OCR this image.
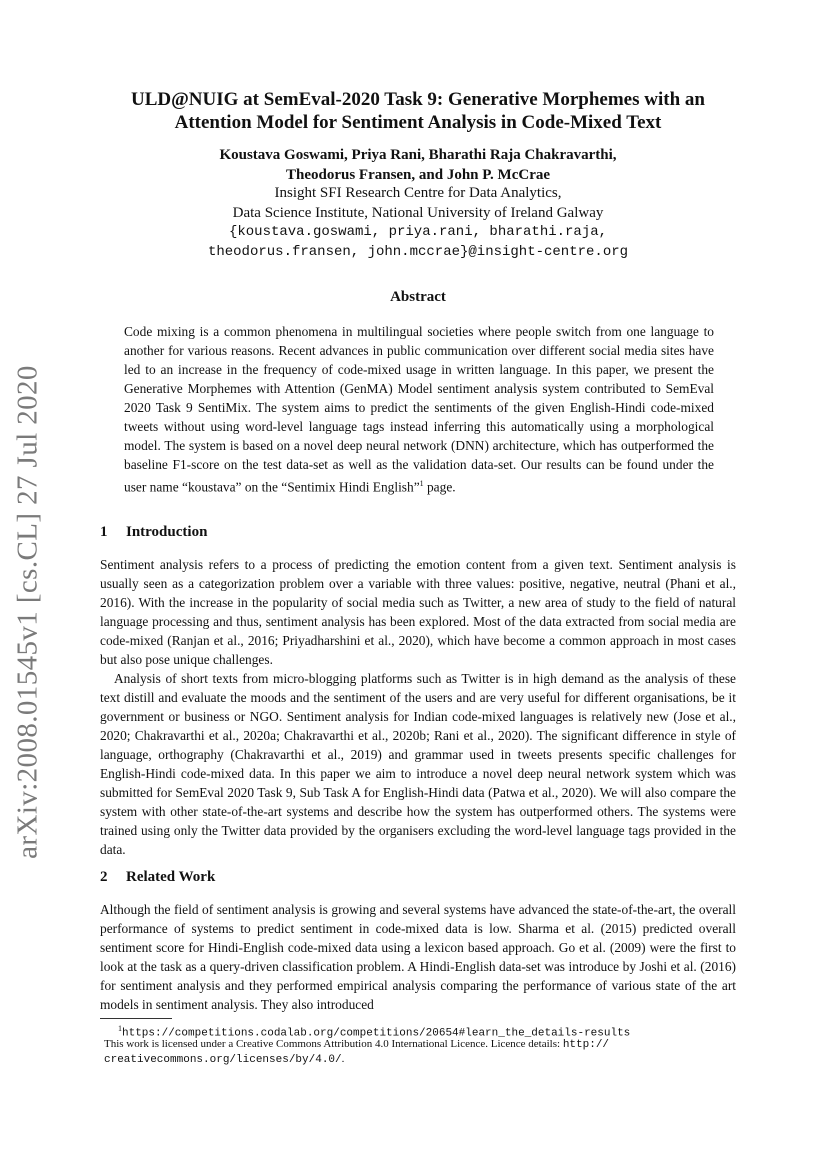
arXiv:2008.01545v1 [cs.CL] 27 Jul 2020
ULD@NUIG at SemEval-2020 Task 9: Generative Morphemes with an
Attention Model for Sentiment Analysis in Code-Mixed Text
Koustava Goswami, Priya Rani, Bharathi Raja Chakravarthi,
Theodorus Fransen, and John P. McCrae
Insight SFI Research Centre for Data Analytics,
Data Science Institute, National University of Ireland Galway
{koustava.goswami, priya.rani, bharathi.raja,
theodorus.fransen, john.mccrae}@insight-centre.org
Abstract
Code mixing is a common phenomena in multilingual societies where people switch from one language to another for various reasons. Recent advances in public communication over different social media sites have led to an increase in the frequency of code-mixed usage in written language. In this paper, we present the Generative Morphemes with Attention (GenMA) Model sentiment analysis system contributed to SemEval 2020 Task 9 SentiMix. The system aims to predict the sentiments of the given English-Hindi code-mixed tweets without using word-level language tags instead inferring this automatically using a morphological model. The system is based on a novel deep neural network (DNN) architecture, which has outperformed the baseline F1-score on the test data-set as well as the validation data-set. Our results can be found under the user name “koustava” on the “Sentimix Hindi English”$^1$ page.
1 Introduction

Sentiment analysis refers to a process of predicting the emotion content from a given text. Sentiment analysis is usually seen as a categorization problem over a variable with three values: positive, negative, neutral (Phani et al., 2016). With the increase in the popularity of social media such as Twitter, a new area of study to the field of natural language processing and thus, sentiment analysis has been explored. Most of the data extracted from social media are code-mixed (Ranjan et al., 2016; Priyadharshini et al., 2020), which have become a common approach in most cases but also pose unique challenges.

Analysis of short texts from micro-blogging platforms such as Twitter is in high demand as the analysis of these text distill and evaluate the moods and the sentiment of the users and are very useful for different organisations, be it government or business or NGO. Sentiment analysis for Indian code-mixed languages is relatively new (Jose et al., 2020; Chakravarthi et al., 2020a; Chakravarthi et al., 2020b; Rani et al., 2020). The significant difference in style of language, orthography (Chakravarthi et al., 2019) and grammar used in tweets presents specific challenges for English-Hindi code-mixed data. In this paper we aim to introduce a novel deep neural network system which was submitted for SemEval 2020 Task 9, Sub Task A for English-Hindi data (Patwa et al., 2020). We will also compare the system with other state-of-the-art systems and describe how the system has outperformed others. The systems were trained using only the Twitter data provided by the organisers excluding the word-level language tags provided in the data.

2 Related Work

Although the field of sentiment analysis is growing and several systems have advanced the state-of-the-art, the overall performance of systems to predict sentiment in code-mixed data is low. Sharma et al. (2015) predicted overall sentiment score for Hindi-English code-mixed data using a lexicon based approach. Go et al. (2009) were the first to look at the task as a query-driven classification problem. A Hindi-English data-set was introduce by Joshi et al. (2016) for sentiment analysis and they performed empirical analysis comparing the performance of various state of the art models in sentiment analysis. They also introduced

$^1$https://competitions.codalab.org/competitions/20654#learn_the_details-results
This work is licensed under a Creative Commons Attribution 4.0 International Licence. Licence details: http://
creativecommons.org/licenses/by/4.0/.
